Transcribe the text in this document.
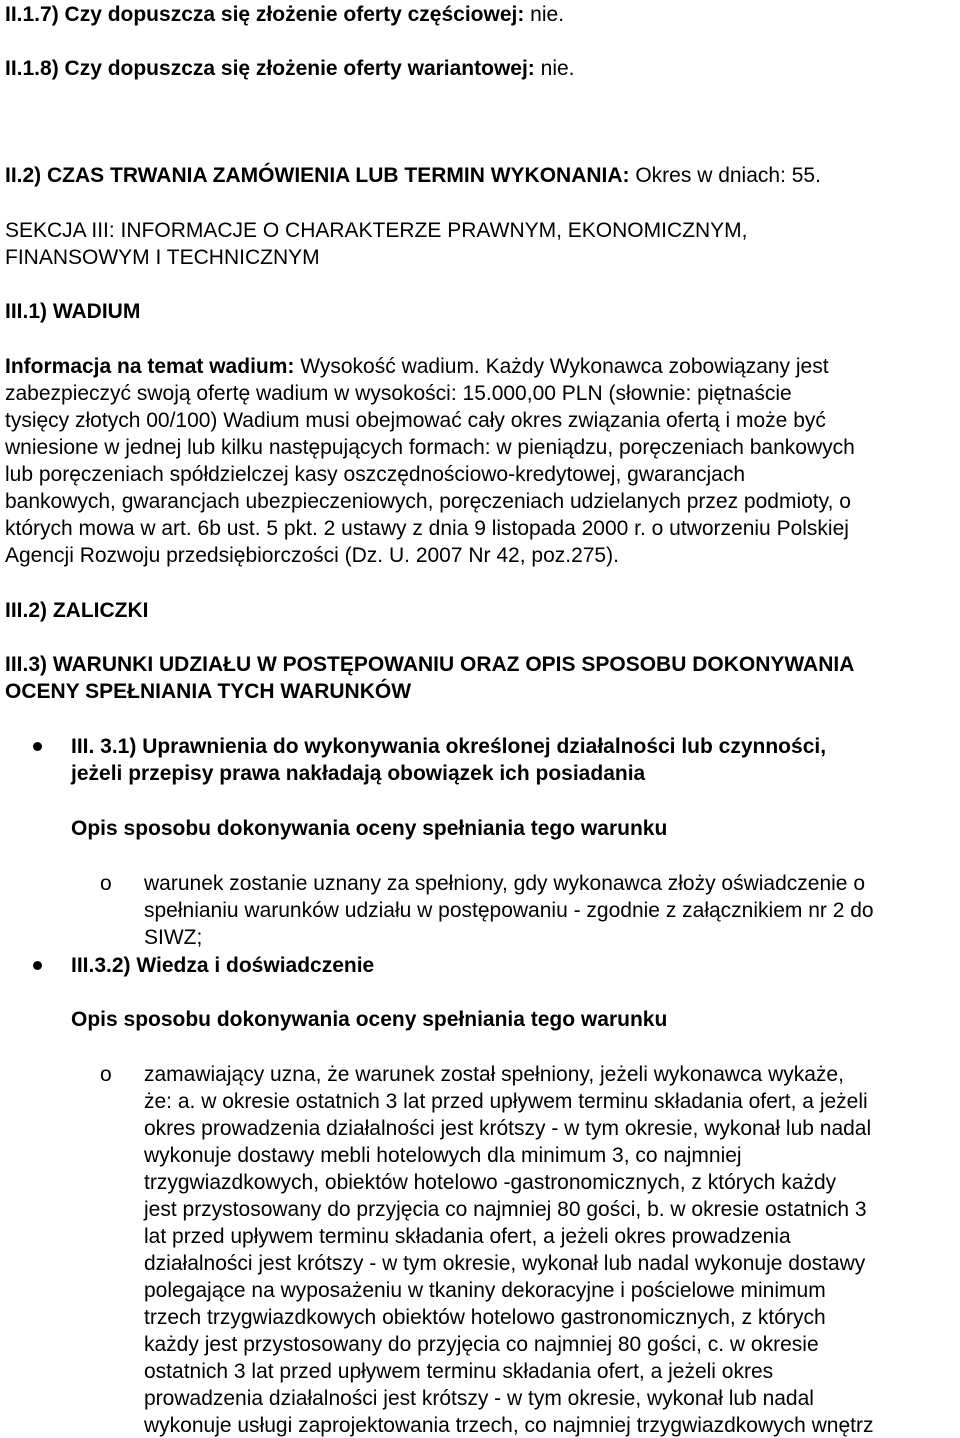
II.1.7) Czy dopuszcza się złożenie oferty częściowej: nie.
II.1.8) Czy dopuszcza się złożenie oferty wariantowej: nie.
II.2) CZAS TRWANIA ZAMÓWIENIA LUB TERMIN WYKONANIA: Okres w dniach: 55.
SEKCJA III: INFORMACJE O CHARAKTERZE PRAWNYM, EKONOMICZNYM,
FINANSOWYM I TECHNICZNYM
III.1) WADIUM
Informacja na temat wadium: Wysokość wadium. Każdy Wykonawca zobowiązany jest
zabezpieczyć swoją ofertę wadium w wysokości: 15.000,00 PLN (słownie: piętnaście
tysięcy złotych 00/100) Wadium musi obejmować cały okres związania ofertą i może być
wniesione w jednej lub kilku następujących formach: w pieniądzu, poręczeniach bankowych
lub poręczeniach spółdzielczej kasy oszczędnościowo-kredytowej, gwarancjach
bankowych, gwarancjach ubezpieczeniowych, poręczeniach udzielanych przez podmioty, o
których mowa w art. 6b ust. 5 pkt. 2 ustawy z dnia 9 listopada 2000 r. o utworzeniu Polskiej
Agencji Rozwoju przedsiębiorczości (Dz. U. 2007 Nr 42, poz.275).
III.2) ZALICZKI
III.3) WARUNKI UDZIAŁU W POSTĘPOWANIU ORAZ OPIS SPOSOBU DOKONYWANIA
OCENY SPEŁNIANIA TYCH WARUNKÓW
III. 3.1) Uprawnienia do wykonywania określonej działalności lub czynności,
jeżeli przepisy prawa nakładają obowiązek ich posiadania
Opis sposobu dokonywania oceny spełniania tego warunku
o warunek zostanie uznany za spełniony, gdy wykonawca złoży oświadczenie o
spełnianiu warunków udziału w postępowaniu - zgodnie z załącznikiem nr 2 do
SIWZ;
III.3.2) Wiedza i doświadczenie
Opis sposobu dokonywania oceny spełniania tego warunku
o zamawiający uzna, że warunek został spełniony, jeżeli wykonawca wykaże,
że: a. w okresie ostatnich 3 lat przed upływem terminu składania ofert, a jeżeli
okres prowadzenia działalności jest krótszy - w tym okresie, wykonał lub nadal
wykonuje dostawy mebli hotelowych dla minimum 3, co najmniej
trzygwiazdkowych, obiektów hotelowo -gastronomicznych, z których każdy
jest przystosowany do przyjęcia co najmniej 80 gości, b. w okresie ostatnich 3
lat przed upływem terminu składania ofert, a jeżeli okres prowadzenia
działalności jest krótszy - w tym okresie, wykonał lub nadal wykonuje dostawy
polegające na wyposażeniu w tkaniny dekoracyjne i pościelowe minimum
trzech trzygwiazdkowych obiektów hotelowo gastronomicznych, z których
każdy jest przystosowany do przyjęcia co najmniej 80 gości, c. w okresie
ostatnich 3 lat przed upływem terminu składania ofert, a jeżeli okres
prowadzenia działalności jest krótszy - w tym okresie, wykonał lub nadal
wykonuje usługi zaprojektowania trzech, co najmniej trzygwiazdkowych wnętrz
